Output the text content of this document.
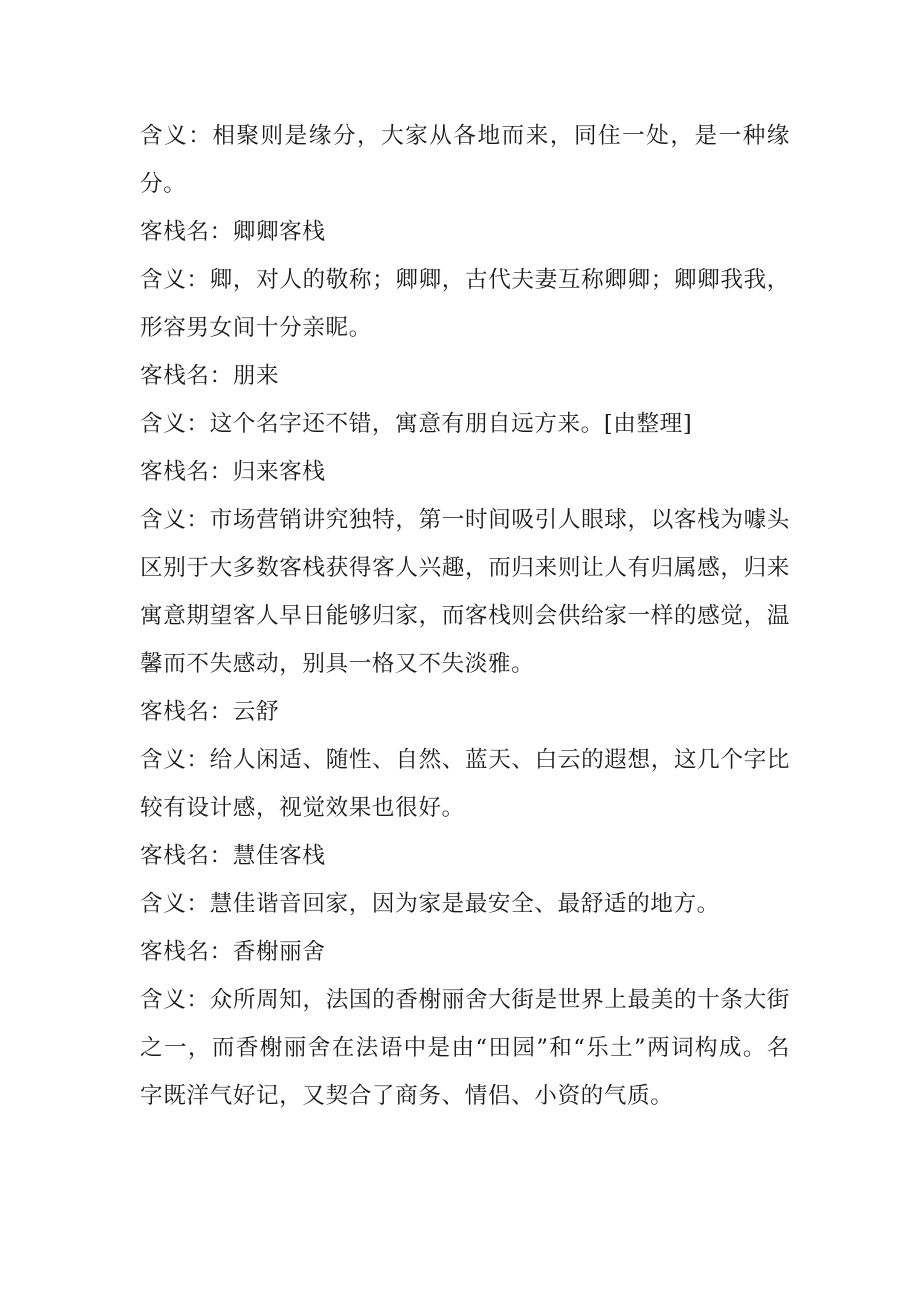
含义：相聚则是缘分，大家从各地而来，同住一处，是一种缘分。

客栈名：卿卿客栈

含义：卿，对人的敬称；卿卿，古代夫妻互称卿卿；卿卿我我，形容男女间十分亲昵。

客栈名：朋来

含义：这个名字还不错，寓意有朋自远方来。[由整理]

客栈名：归来客栈

含义：市场营销讲究独特，第一时间吸引人眼球，以客栈为噱头区别于大多数客栈获得客人兴趣，而归来则让人有归属感，归来寓意期望客人早日能够归家，而客栈则会供给家一样的感觉，温馨而不失感动，别具一格又不失淡雅。

客栈名：云舒

含义：给人闲适、随性、自然、蓝天、白云的遐想，这几个字比较有设计感，视觉效果也很好。

客栈名：慧佳客栈

含义：慧佳谐音回家，因为家是最安全、最舒适的地方。

客栈名：香榭丽舍

含义：众所周知，法国的香榭丽舍大街是世界上最美的十条大街之一，而香榭丽舍在法语中是由“田园”和“乐土”两词构成。名字既洋气好记，又契合了商务、情侣、小资的气质。
